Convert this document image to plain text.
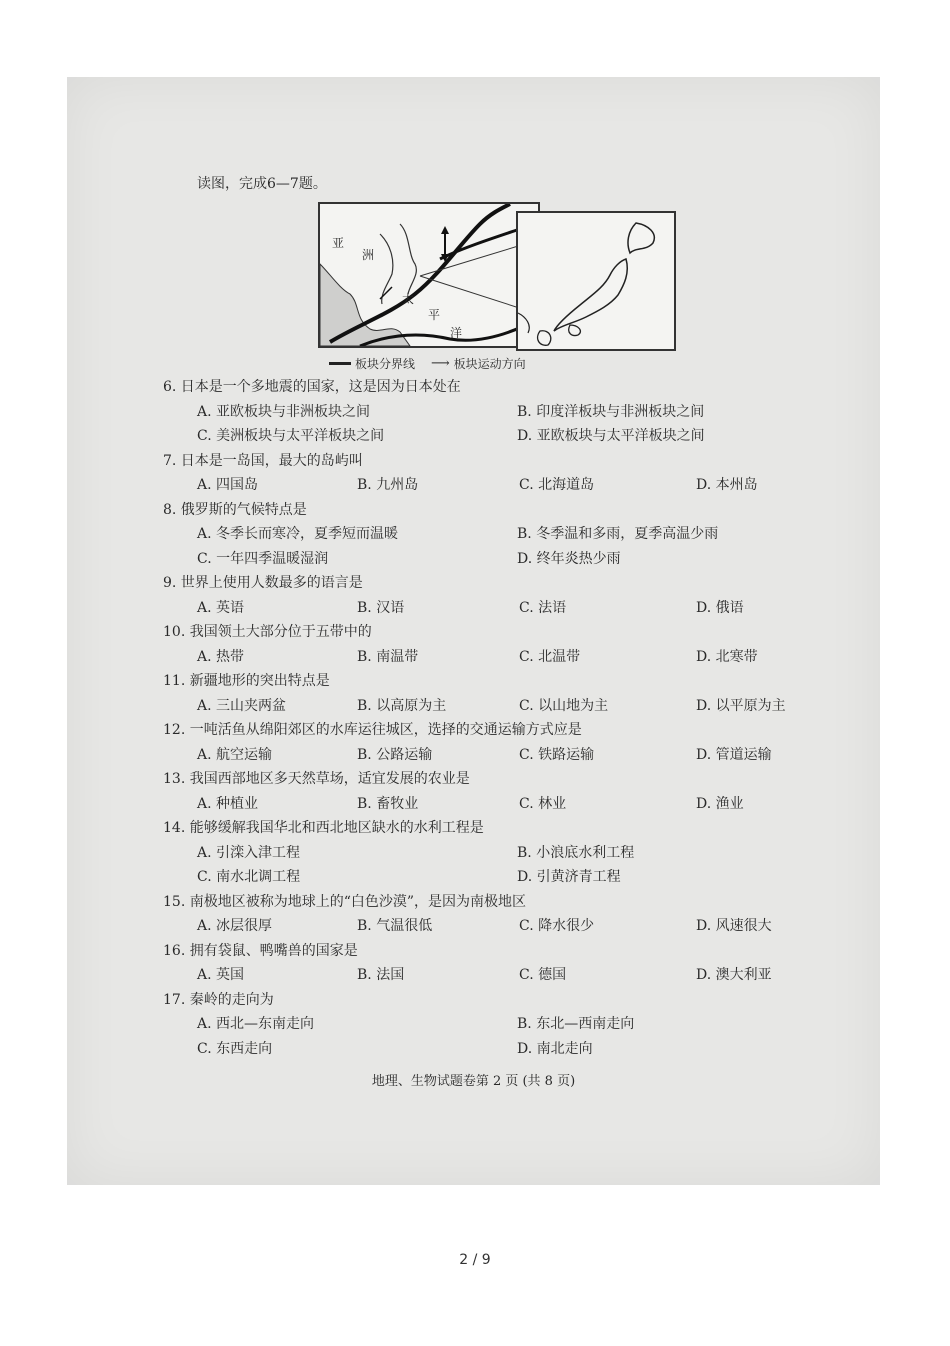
读图，完成6—7题。
亚
洲
太
平
洋
板块分界线 ⟶ 板块运动方向
6. 日本是一个多地震的国家，这是因为日本处在
A. 亚欧板块与非洲板块之间	B. 印度洋板块与非洲板块之间
C. 美洲板块与太平洋板块之间	D. 亚欧板块与太平洋板块之间
7. 日本是一岛国，最大的岛屿叫
A. 四国岛	B. 九州岛	C. 北海道岛	D. 本州岛
8. 俄罗斯的气候特点是
A. 冬季长而寒冷，夏季短而温暖	B. 冬季温和多雨，夏季高温少雨
C. 一年四季温暖湿润	D. 终年炎热少雨
9. 世界上使用人数最多的语言是
A. 英语	B. 汉语	C. 法语	D. 俄语
10. 我国领土大部分位于五带中的
A. 热带	B. 南温带	C. 北温带	D. 北寒带
11. 新疆地形的突出特点是
A. 三山夹两盆	B. 以高原为主	C. 以山地为主	D. 以平原为主
12. 一吨活鱼从绵阳郊区的水库运往城区，选择的交通运输方式应是
A. 航空运输	B. 公路运输	C. 铁路运输	D. 管道运输
13. 我国西部地区多天然草场，适宜发展的农业是
A. 种植业	B. 畜牧业	C. 林业	D. 渔业
14. 能够缓解我国华北和西北地区缺水的水利工程是
A. 引滦入津工程	B. 小浪底水利工程
C. 南水北调工程	D. 引黄济青工程
15. 南极地区被称为地球上的“白色沙漠”，是因为南极地区
A. 冰层很厚	B. 气温很低	C. 降水很少	D. 风速很大
16. 拥有袋鼠、鸭嘴兽的国家是
A. 英国	B. 法国	C. 德国	D. 澳大利亚
17. 秦岭的走向为
A. 西北—东南走向	B. 东北—西南走向
C. 东西走向	D. 南北走向
地理、生物试题卷第 2 页 (共 8 页)
2 / 9
